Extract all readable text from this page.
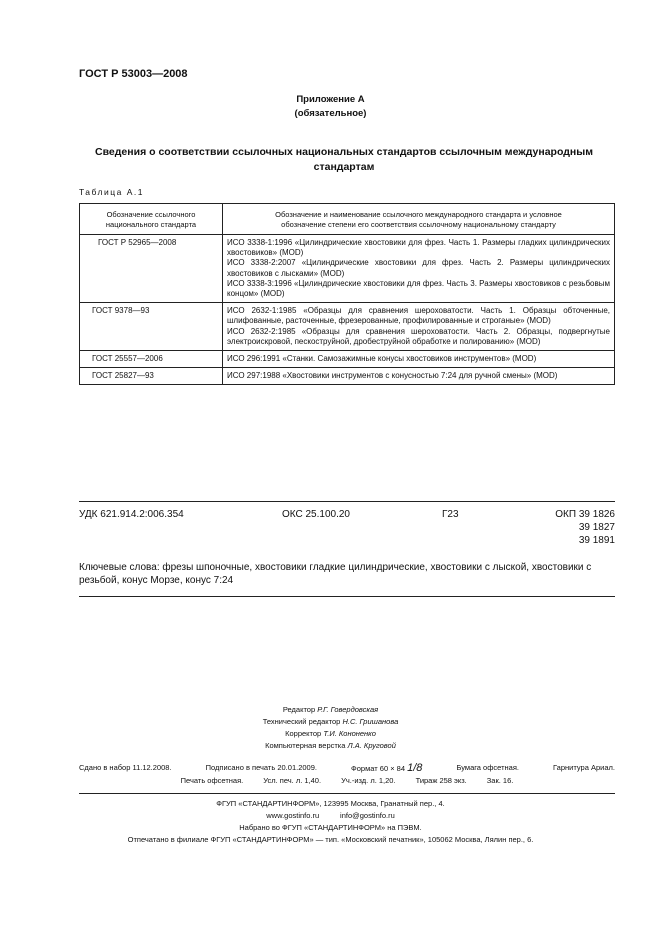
ГОСТ Р 53003—2008
Приложение А
(обязательное)
Сведения о соответствии ссылочных национальных стандартов ссылочным международным стандартам
Таблица А.1
Обозначение ссылочного
национального стандарта	Обозначение и наименование ссылочного международного стандарта и условное
обозначение степени его соответствия ссылочному национальному стандарту

ГОСТ Р 52965—2008	ИСО 3338-1:1996 «Цилиндрические хвостовики для фрез. Часть 1. Размеры гладких цилиндрических хвостовиков» (MOD)
ИСО 3338-2:2007 «Цилиндрические хвостовики для фрез. Часть 2. Размеры цилиндрических хвостовиков с лысками» (MOD)
ИСО 3338-3:1996 «Цилиндрические хвостовики для фрез. Часть 3. Размеры хвостовиков с резьбовым концом» (MOD)

ГОСТ 9378—93	ИСО 2632-1:1985 «Образцы для сравнения шероховатости. Часть 1. Образцы обточенные, шлифованные, расточенные, фрезерованные, профилированные и строганые» (MOD)
ИСО 2632-2:1985 «Образцы для сравнения шероховатости. Часть 2. Образцы, подвергнутые электроискровой, пескоструйной, дробеструйной обработке и полированию» (MOD)

ГОСТ 25557—2006	ИСО 296:1991 «Станки. Самозажимные конусы хвостовиков инструментов» (MOD)

ГОСТ 25827—93	ИСО 297:1988 «Хвостовики инструментов с конусностью 7:24 для ручной смены» (MOD)
УДК 621.914.2:006.354	ОКС 25.100.20	Г23	ОКП 39 1826
39 1827
39 1891
Ключевые слова: фрезы шпоночные, хвостовики гладкие цилиндрические, хвостовики с лыской, хвостовики с резьбой, конус Морзе, конус 7:24
Редактор Р.Г. Говердовская
Технический редактор Н.С. Гришанова
Корректор Т.И. Кононенко
Компьютерная верстка Л.А. Круговой
Сдано в набор 11.12.2008.	Подписано в печать 20.01.2009.	Формат 60 × 84 1/8	Бумага офсетная.	Гарнитура Ариал.
Печать офсетная.	Усл. печ. л. 1,40.	Уч.-изд. л. 1,20.	Тираж 258 экз.	Зак. 16.
ФГУП «СТАНДАРТИНФОРМ», 123995 Москва, Гранатный пер., 4.
www.gostinfo.ru	info@gostinfo.ru
Набрано во ФГУП «СТАНДАРТИНФОРМ» на ПЭВМ.
Отпечатано в филиале ФГУП «СТАНДАРТИНФОРМ» — тип. «Московский печатник», 105062 Москва, Лялин пер., 6.
